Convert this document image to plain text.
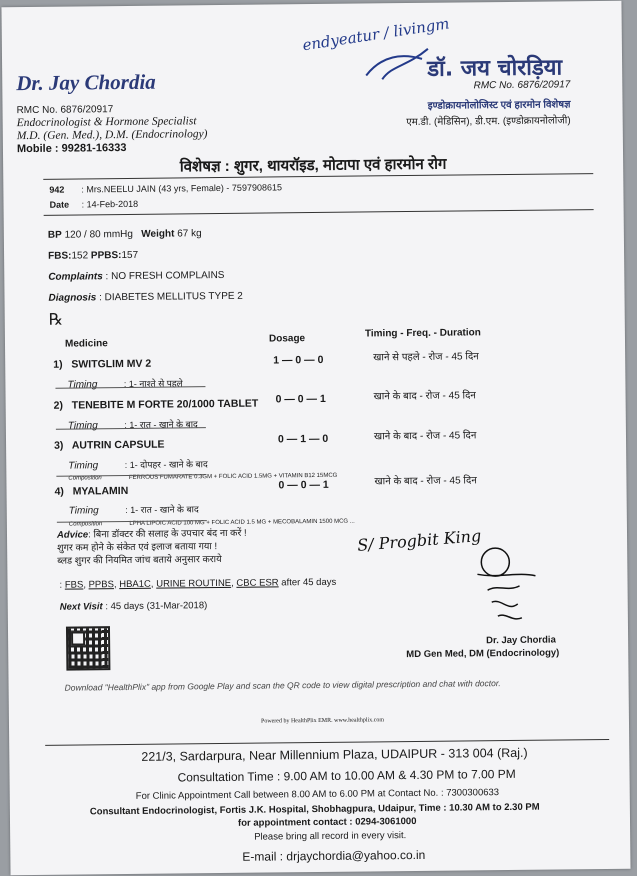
endyeatur / livingm
Dr. Jay Chordia
RMC No. 6876/20917
Endocrinologist & Hormone Specialist
M.D. (Gen. Med.), D.M. (Endocrinology)
Mobile : 99281-16333
डॉ. जय चोरड़िया
RMC No. 6876/20917
इण्डोक्रायनोलोजिस्ट एवं हारमोन विशेषज्ञ
एम.डी. (मेडिसिन), डी.एम. (इण्डोक्रायनोलोजी)
विशेषज्ञ : शुगर, थायरॉइड, मोटापा एवं हारमोन रोग
942 : Mrs.NEELU JAIN (43 yrs, Female) - 7597908615
Date : 14-Feb-2018
BP 120 / 80 mmHg Weight 67 kg
FBS:152 PPBS:157
Complaints : NO FRESH COMPLAINS
Diagnosis : DIABETES MELLITUS TYPE 2
℞
Medicine	Dosage	Timing - Freq. - Duration
1) SWITGLIM MV 2	1 — 0 — 0	खाने से पहले - रोज - 45 दिन
Timing	: 1- नाश्ते से पहले
2) TENEBITE M FORTE 20/1000 TABLET 0 — 0 — 1	खाने के बाद - रोज - 45 दिन
Timing	: 1- रात - खाने के बाद
3) AUTRIN CAPSULE	0 — 1 — 0	खाने के बाद - रोज - 45 दिन
Timing	: 1- दोपहर - खाने के बाद
Composition	FERROUS FUMARATE 0.3GM + FOLIC ACID 1.5MG + VITAMIN B12 15MCG
4) MYALAMIN	0 — 0 — 1	खाने के बाद - रोज - 45 दिन
Timing	: 1- रात - खाने के बाद
Composition	LPHA LIPOIC ACID 100 MG + FOLIC ACID 1.5 MG + MECOBALAMIN 1500 MCG ...
Advice: बिना डॉक्टर की सलाह के उपचार बंद ना करें !
शुगर कम होने के संकेत एवं इलाज बताया गया !
ब्लड शुगर की नियमित जांच बताये अनुसार कराये
: FBS, PPBS, HBA1C, URINE ROUTINE, CBC ESR after 45 days
Next Visit : 45 days (31-Mar-2018)
S/ Progbit King
Dr. Jay Chordia
MD Gen Med, DM (Endocrinology)
Download "HealthPlix" app from Google Play and scan the QR code to view digital prescription and chat with doctor.
Powered by HealthPlix EMR. www.healthplix.com
221/3, Sardarpura, Near Millennium Plaza, UDAIPUR - 313 004 (Raj.)
Consultation Time : 9.00 AM to 10.00 AM & 4.30 PM to 7.00 PM
For Clinic Appointment Call between 8.00 AM to 6.00 PM at Contact No. : 7300300633
Consultant Endocrinologist, Fortis J.K. Hospital, Shobhagpura, Udaipur, Time : 10.30 AM to 2.30 PM
for appointment contact : 0294-3061000
Please bring all record in every visit.
E-mail : drjaychordia@yahoo.co.in
